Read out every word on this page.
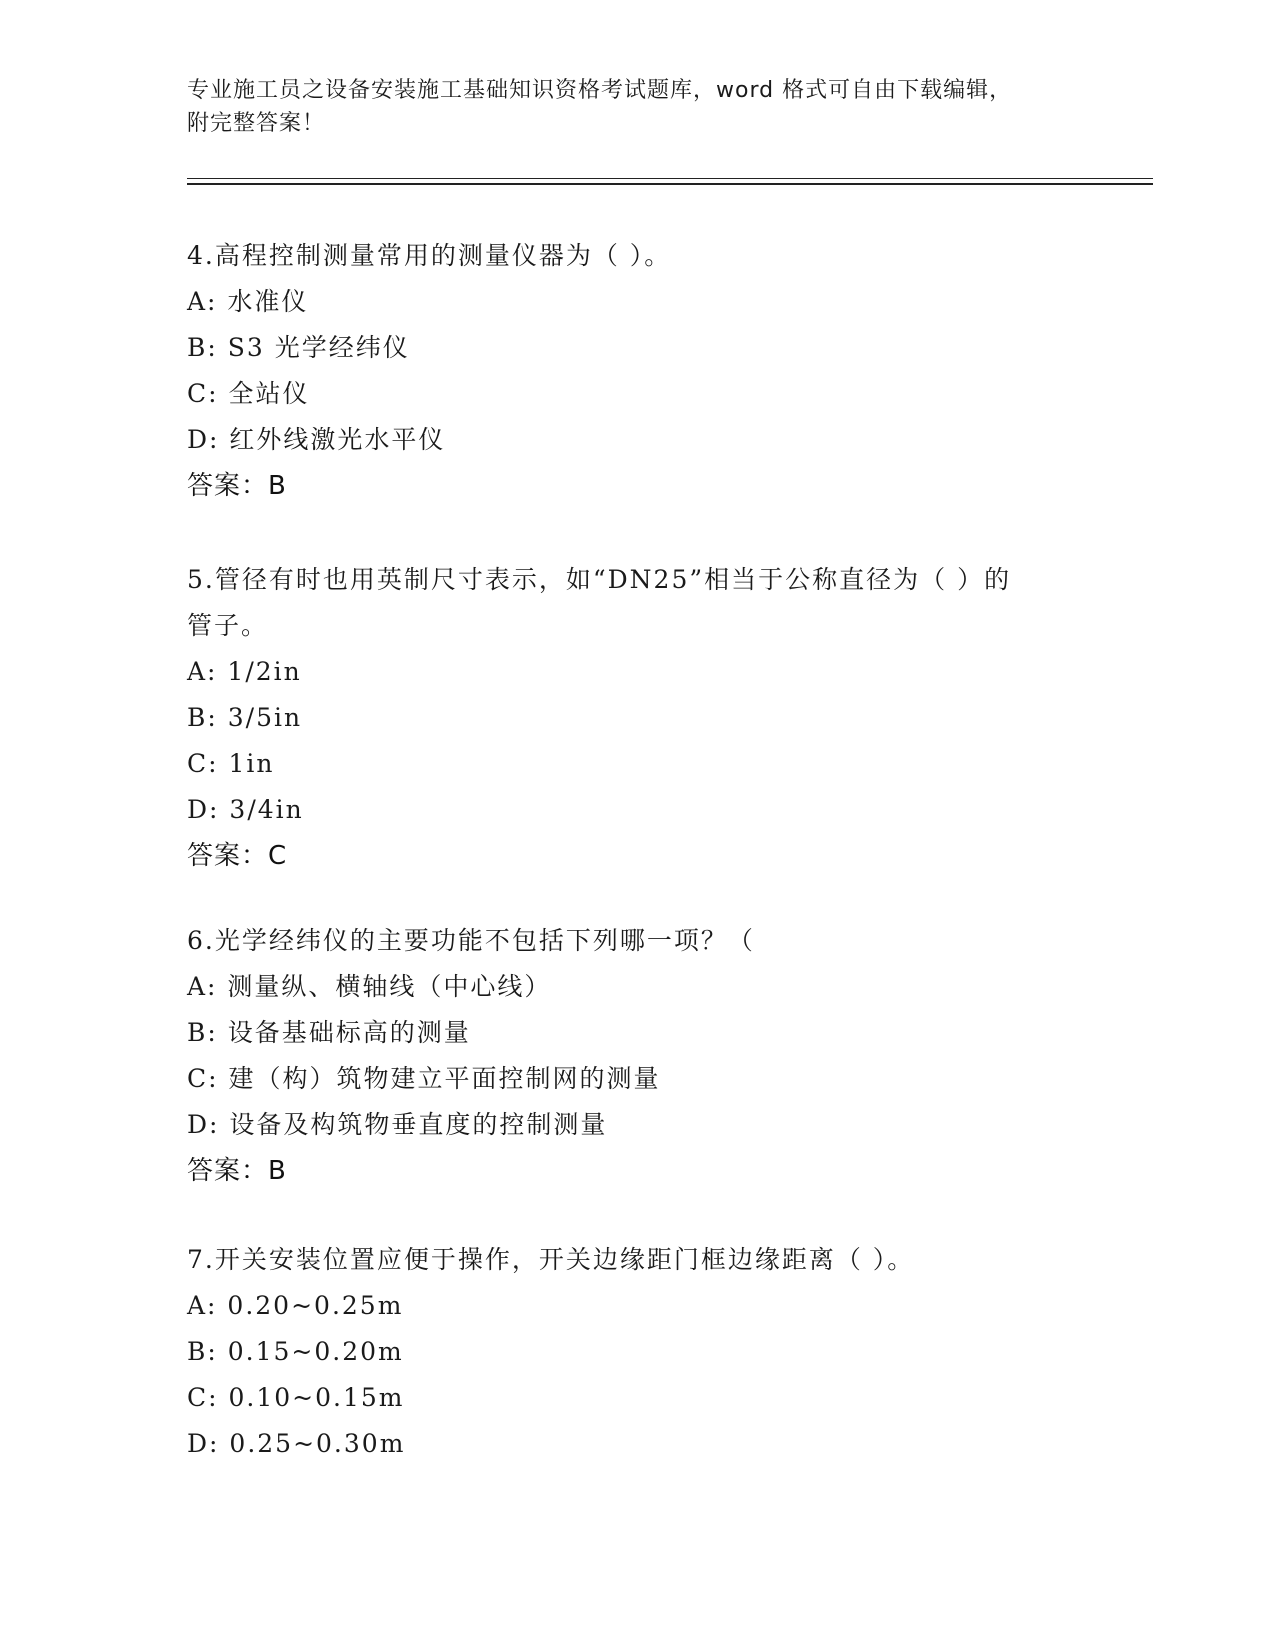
专业施工员之设备安装施工基础知识资格考试题库，word 格式可自由下载编辑，
附完整答案！

4.高程控制测量常用的测量仪器为（ ）。

A: 水准仪

B: S3 光学经纬仪

C: 全站仪

D: 红外线激光水平仪

答案：B

5.管径有时也用英制尺寸表示，如“DN25”相当于公称直径为（ ）的

管子。

A: 1/2in

B: 3/5in

C: 1in

D: 3/4in

答案：C

6.光学经纬仪的主要功能不包括下列哪一项？（

A: 测量纵、横轴线（中心线）

B: 设备基础标高的测量

C: 建（构）筑物建立平面控制网的测量

D: 设备及构筑物垂直度的控制测量

答案：B

7.开关安装位置应便于操作，开关边缘距门框边缘距离（ ）。

A: 0.20~0.25m

B: 0.15~0.20m

C: 0.10~0.15m

D: 0.25~0.30m
